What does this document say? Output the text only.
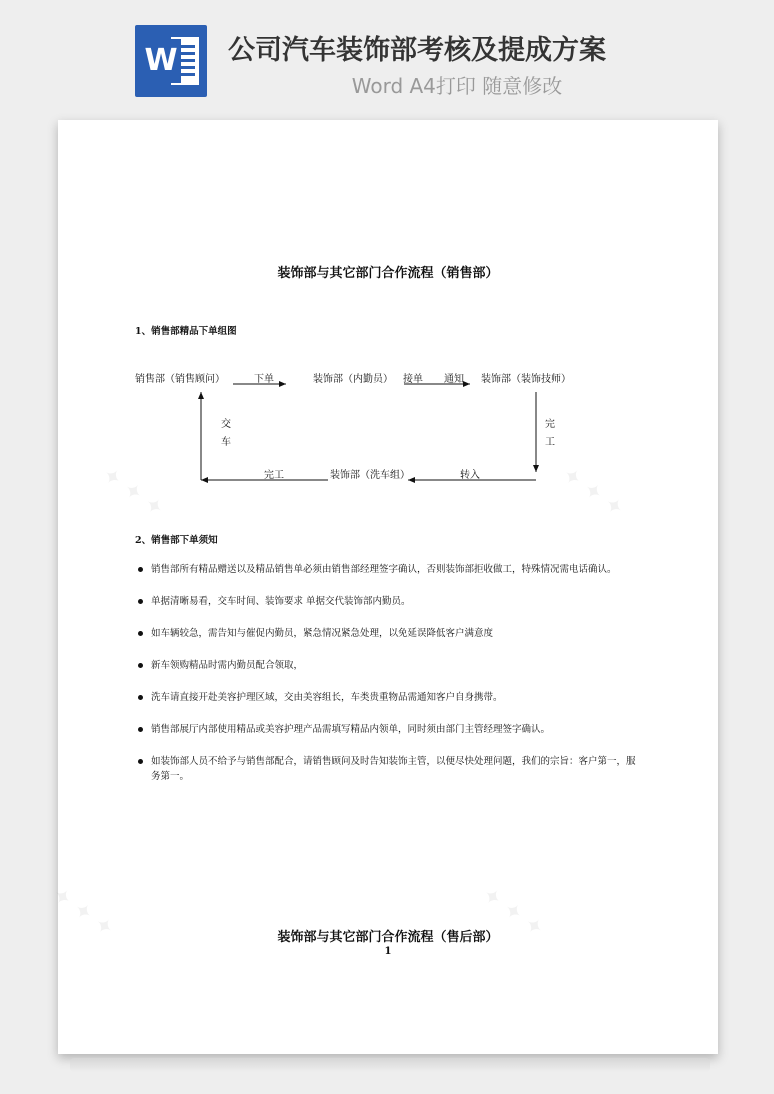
W 公司汽车装饰部考核及提成方案
Word A4打印 随意修改
✦ ✦ ✦	✦ ✦ ✦
✦ ✦ ✦	✦ ✦ ✦
装饰部与其它部门合作流程（销售部）
1、销售部精品下单组图
销售部（销售顾问）	下单	装饰部（内勤员） 接单 通知 装饰部（装饰技师）
完
工
交
车
完工	装饰部（洗车组）	转入
2、销售部下单须知
销售部所有精品赠送以及精品销售单必须由销售部经理签字确认，否则装饰部拒收做工，特殊情况需电话确认。
单据清晰易看，交车时间、装饰要求 单据交代装饰部内勤员。
如车辆较急，需告知与催促内勤员，紧急情况紧急处理，以免延误降低客户满意度
新车领购精品时需内勤员配合领取，
洗车请直接开赴美容护理区域，交由美容组长，车类贵重物品需通知客户自身携带。
销售部展厅内部使用精品或美容护理产品需填写精品内领单，同时须由部门主管经理签字确认。
如装饰部人员不给予与销售部配合，请销售顾问及时告知装饰主管，以便尽快处理问题，我们的宗旨：客户第一，服务第一。
装饰部与其它部门合作流程（售后部）
1
